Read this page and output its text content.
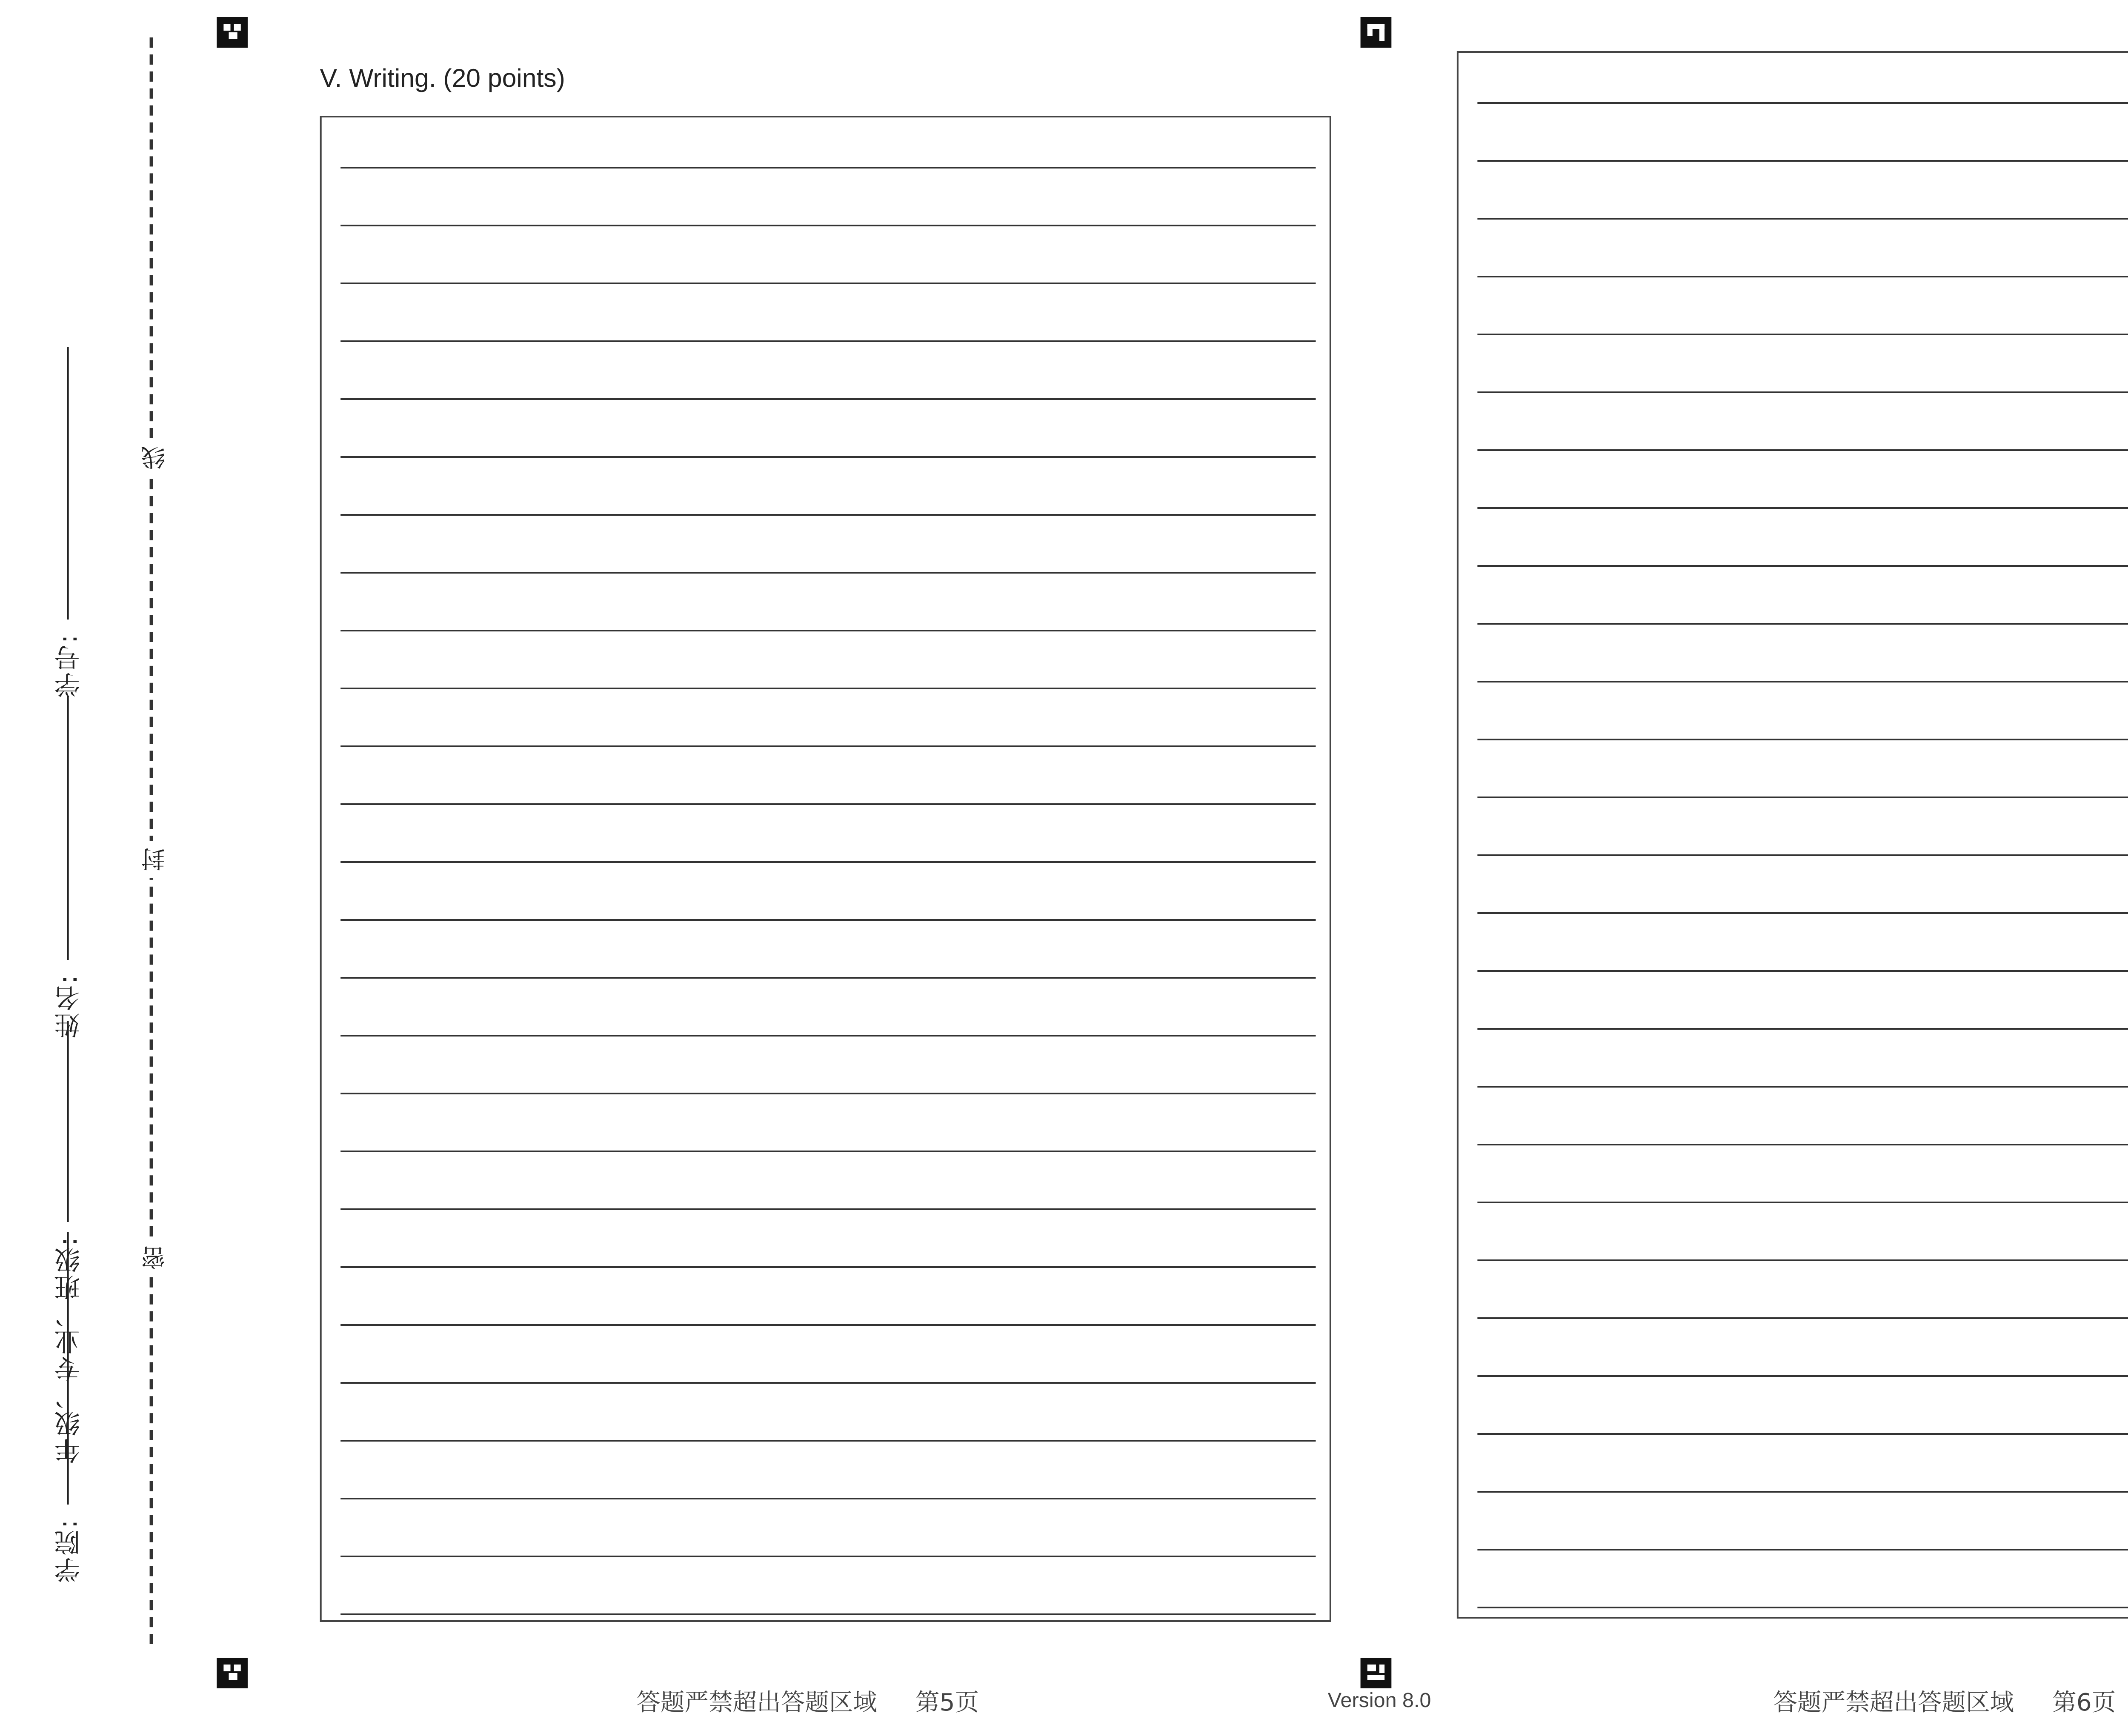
学号:
姓名:
年级、专业、班级:
学院:
线
封
密
V. Writing. (20 points)
答题严禁超出答题区域	第5页	Version 8.0	答题严禁超出答题区域	第6页
